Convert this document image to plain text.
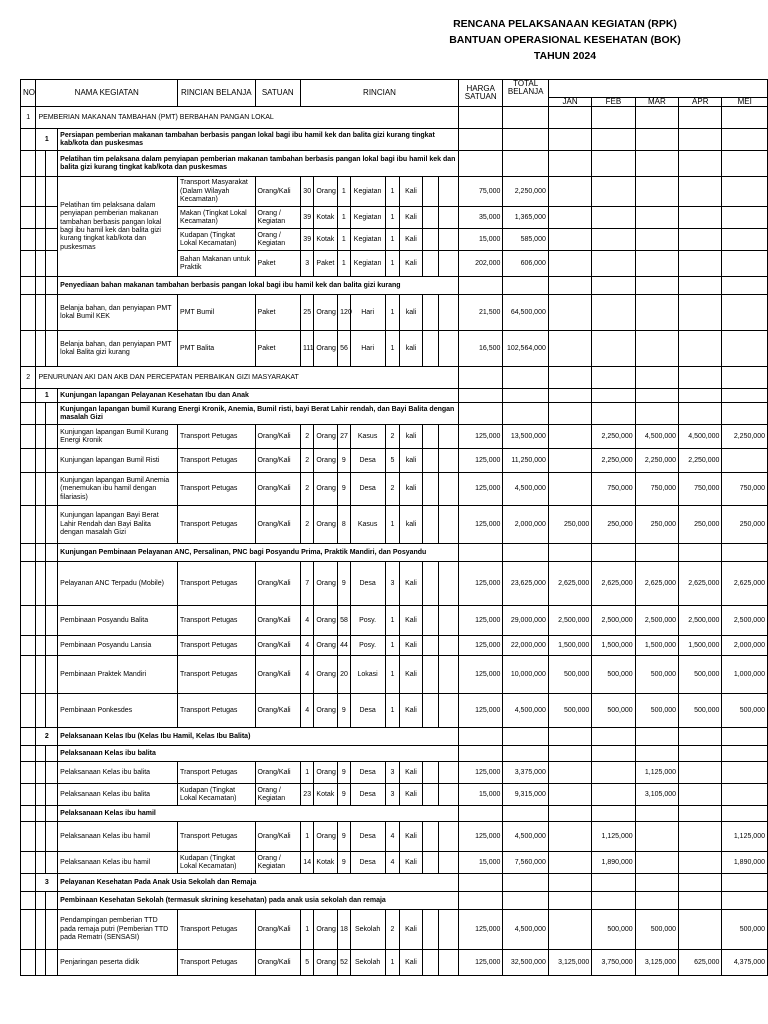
RENCANA PELAKSANAAN KEGIATAN (RPK)
BANTUAN OPERASIONAL KESEHATAN (BOK)
TAHUN 2024
NO	NAMA KEGIATAN			RINCIAN BELANJA	SATUAN	RINCIAN								HARGA SATUAN	TOTAL BELANJA					
																JAN	FEB	MAR	APR	MEI
1	PEMBERIAN MAKANAN TAMBAHAN (PMT) BERBAHAN PANGAN LOKAL																			
	1		Persiapan pemberian makanan tambahan berbasis pangan lokal bagi ibu hamil kek dan balita gizi kurang tingkat kab/kota dan puskesmas																	
			Pelatihan tim pelaksana dalam penyiapan pemberian makanan tambahan berbasis pangan lokal bagi ibu hamil kek dan balita gizi kurang tingkat kab/kota dan puskesmas																	
			Pelatihan tim pelaksana dalam penyiapan pemberian makanan tambahan berbasis pangan lokal bagi ibu hamil kek dan balita gizi kurang tingkat kab/kota dan puskesmas	Transport Masyarakat (Dalam Wilayah Kecamatan)	Orang/Kali	30	Orang	1	Kegiatan	1	Kali			75,000	2,250,000					
				Makan (Tingkat Lokal Kecamatan)	Orang / Kegiatan	39	Kotak	1	Kegiatan	1	Kali			35,000	1,365,000					
				Kudapan (Tingkat Lokal Kecamatan)	Orang / Kegiatan	39	Kotak	1	Kegiatan	1	Kali			15,000	585,000					
				Bahan Makanan untuk Praktik	Paket	3	Paket	1	Kegiatan	1	Kali			202,000	606,000					
			Penyediaan bahan makanan tambahan berbasis pangan lokal bagi ibu hamil kek dan balita gizi kurang																	
			Belanja bahan, dan penyiapan PMT lokal Bumil KEK	PMT Bumil	Paket	25	Orang	120	Hari	1	kali			21,500	64,500,000					
			Belanja bahan, dan penyiapan PMT lokal Balita gizi kurang	PMT Balita	Paket	111	Orang	56	Hari	1	kali			16,500	102,564,000					
2	PENURUNAN AKI DAN AKB DAN PERCEPATAN PERBAIKAN GIZI MASYARAKAT																			
	1		Kunjungan lapangan Pelayanan Kesehatan Ibu dan Anak																	
			Kunjungan lapangan bumil Kurang Energi Kronik, Anemia, Bumil risti, bayi Berat Lahir rendah, dan Bayi Balita dengan masalah Gizi																	
			Kunjungan lapangan Bumil Kurang Energi Kronik	Transport Petugas	Orang/Kali	2	Orang	27	Kasus	2	kali			125,000	13,500,000		2,250,000	4,500,000	4,500,000	2,250,000
			Kunjungan lapangan Bumil Risti	Transport Petugas	Orang/Kali	2	Orang	9	Desa	5	kali			125,000	11,250,000		2,250,000	2,250,000	2,250,000	
			Kunjungan lapangan Bumil Anemia (menemukan ibu hamil dengan filariasis)	Transport Petugas	Orang/Kali	2	Orang	9	Desa	2	kali			125,000	4,500,000		750,000	750,000	750,000	750,000
			Kunjungan lapangan Bayi Berat Lahir Rendah dan Bayi Balita dengan masalah Gizi	Transport Petugas	Orang/Kali	2	Orang	8	Kasus	1	kali			125,000	2,000,000	250,000	250,000	250,000	250,000	250,000
			Kunjungan Pembinaan Pelayanan ANC, Persalinan, PNC bagi Posyandu Prima, Praktik Mandiri, dan Posyandu																	
			Pelayanan ANC Terpadu (Mobile)	Transport Petugas	Orang/Kali	7	Orang	9	Desa	3	Kali			125,000	23,625,000	2,625,000	2,625,000	2,625,000	2,625,000	2,625,000
			Pembinaan Posyandu Balita	Transport Petugas	Orang/Kali	4	Orang	58	Posy.	1	Kali			125,000	29,000,000	2,500,000	2,500,000	2,500,000	2,500,000	2,500,000
			Pembinaan Posyandu Lansia	Transport Petugas	Orang/Kali	4	Orang	44	Posy.	1	Kali			125,000	22,000,000	1,500,000	1,500,000	1,500,000	1,500,000	2,000,000
			Pembinaan Praktek Mandiri	Transport Petugas	Orang/Kali	4	Orang	20	Lokasi	1	Kali			125,000	10,000,000	500,000	500,000	500,000	500,000	1,000,000
			Pembinaan Ponkesdes	Transport Petugas	Orang/Kali	4	Orang	9	Desa	1	Kali			125,000	4,500,000	500,000	500,000	500,000	500,000	500,000
	2		Pelaksanaan Kelas Ibu (Kelas Ibu Hamil, Kelas Ibu Balita)																	
			Pelaksanaan Kelas ibu balita																	
			Pelaksanaan Kelas ibu balita	Transport Petugas	Orang/Kali	1	Orang	9	Desa	3	Kali			125,000	3,375,000			1,125,000		
			Pelaksanaan Kelas ibu balita	Kudapan (Tingkat Lokal Kecamatan)	Orang / Kegiatan	23	Kotak	9	Desa	3	Kali			15,000	9,315,000			3,105,000		
			Pelaksanaan Kelas ibu hamil																	
			Pelaksanaan Kelas ibu hamil	Transport Petugas	Orang/Kali	1	Orang	9	Desa	4	Kali			125,000	4,500,000		1,125,000			1,125,000
			Pelaksanaan Kelas ibu hamil	Kudapan (Tingkat Lokal Kecamatan)	Orang / Kegiatan	14	Kotak	9	Desa	4	Kali			15,000	7,560,000		1,890,000			1,890,000
	3		Pelayanan Kesehatan Pada Anak Usia Sekolah dan Remaja																	
			Pembinaan Kesehatan Sekolah (termasuk skrining kesehatan) pada anak usia sekolah dan remaja																	
			Pendampingan pemberian TTD pada remaja putri (Pemberian TTD pada Rematri (SENSASI)	Transport Petugas	Orang/Kali	1	Orang	18	Sekolah	2	Kali			125,000	4,500,000		500,000	500,000		500,000
			Penjaringan peserta didik	Transport Petugas	Orang/Kali	5	Orang	52	Sekolah	1	Kali			125,000	32,500,000	3,125,000	3,750,000	3,125,000	625,000	4,375,000
